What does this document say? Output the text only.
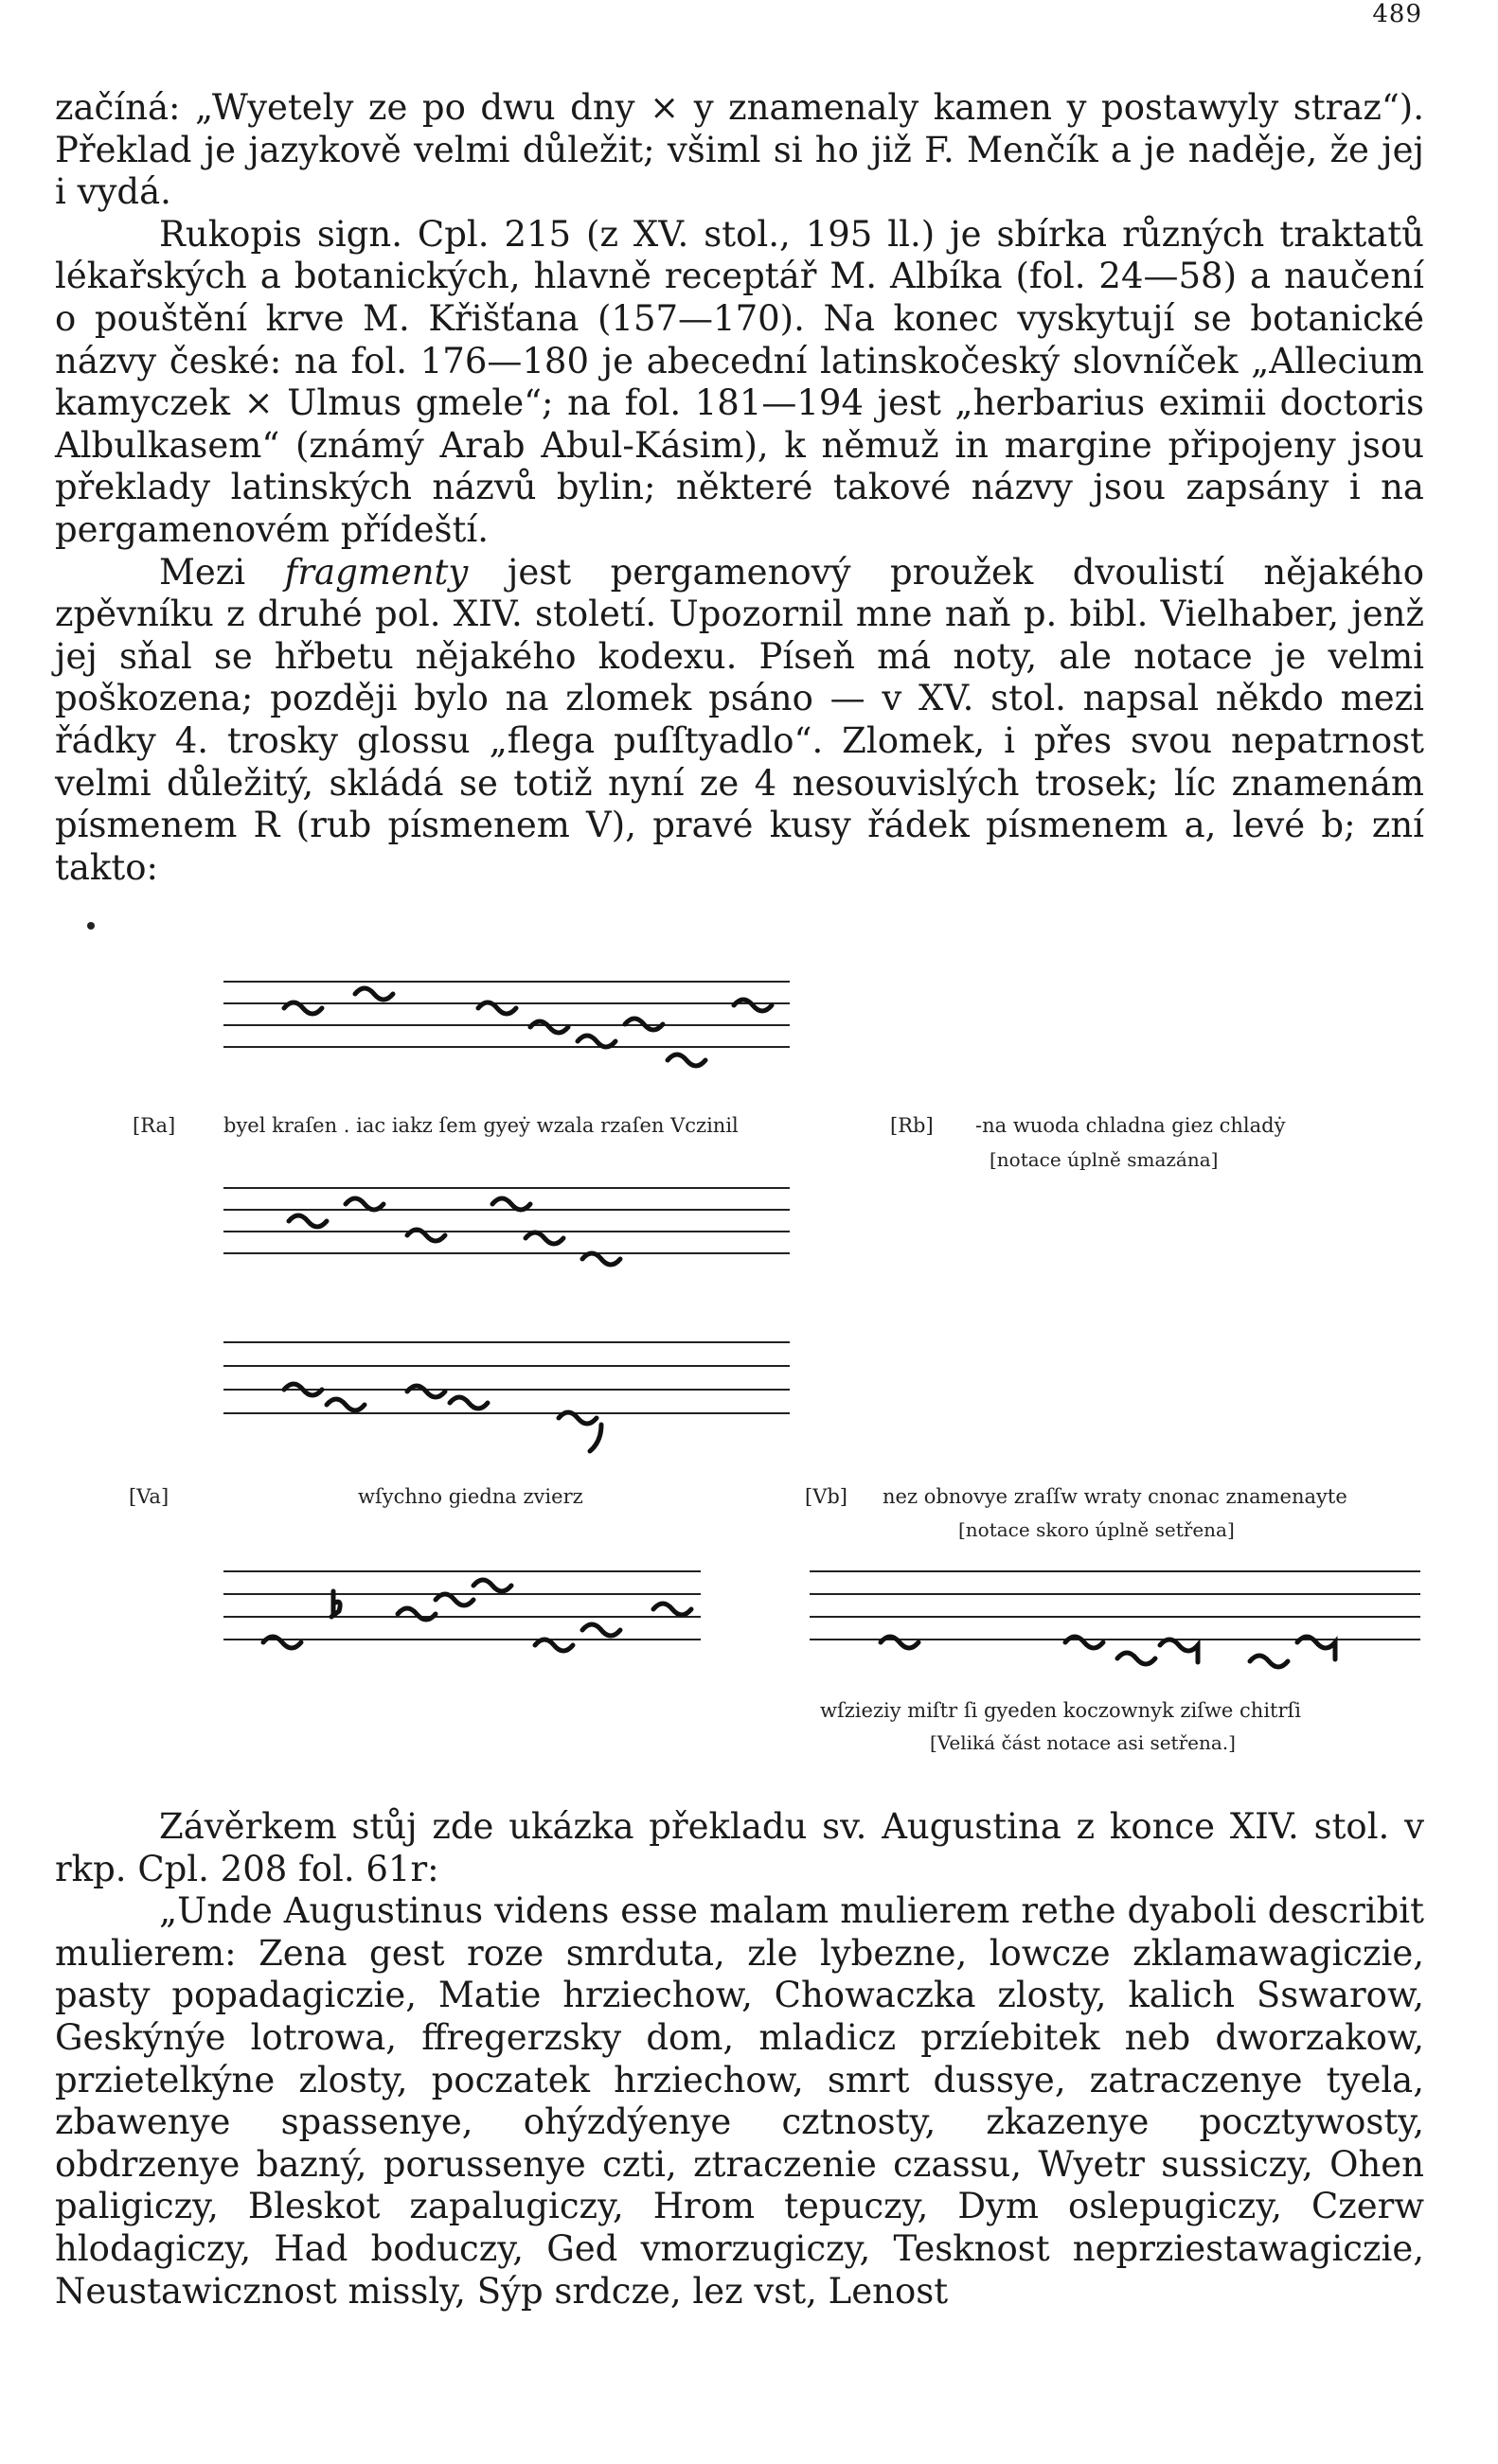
489

začíná: „Wyetely ze po dwu dny × y znamenaly kamen y postawyly straz“). Překlad je jazykově velmi důležit; všiml si ho již F. Menčík a je naděje, že jej i vydá.

Rukopis sign. Cpl. 215 (z XV. stol., 195 ll.) je sbírka různých traktatů lékařských a botanických, hlavně receptář M. Albíka (fol. 24—58) a naučení o pouštění krve M. Křišťana (157—170). Na konec vyskytují se botanické názvy české: na fol. 176—180 je abecední latinskočeský slovníček „Allecium kamyczek × Ulmus gmele“; na fol. 181—194 jest „herbarius eximii doctoris Albulkasem“ (známý Arab Abul-Kásim), k němuž in margine připojeny jsou překlady latinských názvů bylin; některé takové názvy jsou zapsány i na pergamenovém přídeští.

Mezi fragmenty jest pergamenový proužek dvoulistí nějakého zpěvníku z druhé pol. XIV. století. Upozornil mne naň p. bibl. Vielhaber, jenž jej sňal se hřbetu nějakého kodexu. Píseň má noty, ale notace je velmi poškozena; později bylo na zlomek psáno — v XV. stol. napsal někdo mezi řádky 4. trosky glossu „flega puſſtyadlo“. Zlomek, i přes svou nepatrnost velmi důležitý, skládá se totiž nyní ze 4 nesouvislých trosek; líc znamenám písmenem R (rub písmenem V), pravé kusy řádek písmenem a, levé b; zní takto:

[Ra] byel kraſen . iac iakz ſem gyeẏ wzala rzaſen Vczinil	[Rb] -na wuoda chladna giez chladẏ
[notace úplně smazána]
[Va]	wſychno giedna zvierz	[Vb] nez obnovye zraſſw wraty cnonac znamenayte
[notace skoro úplně setřena]
wſzieziy miſtr ſi gyeden koczownyk ziſwe chitrſi
[Veliká část notace asi setřena.]

Závěrkem stůj zde ukázka překladu sv. Augustina z konce XIV. stol. v rkp. Cpl. 208 fol. 61r:

„Unde Augustinus videns esse malam mulierem rethe dyaboli describit mulierem: Zena gest roze smrduta, zle lybezne, lowcze zklamawagiczie, pasty popadagiczie, Matie hrziechow, Chowaczka zlosty, kalich Sswarow, Geskýnýe lotrowa, ffregerzsky dom, mladicz przíebitek neb dworzakow, przietelkýne zlosty, poczatek hrziechow, smrt dussye, zatraczenye tyela, zbawenye spassenye, ohýzdýenye cztnosty, zkazenye pocztywosty, obdrzenye bazný, porussenye czti, ztraczenie czassu, Wyetr sussiczy, Ohen paligiczy, Bleskot zapalugiczy, Hrom tepuczy, Dym oslepugiczy, Czerw hlodagiczy, Had boduczy, Ged vmorzugiczy, Tesknost neprziestawagiczie, Neustawicznost missly, Sýp srdcze, lez vst, Lenost
